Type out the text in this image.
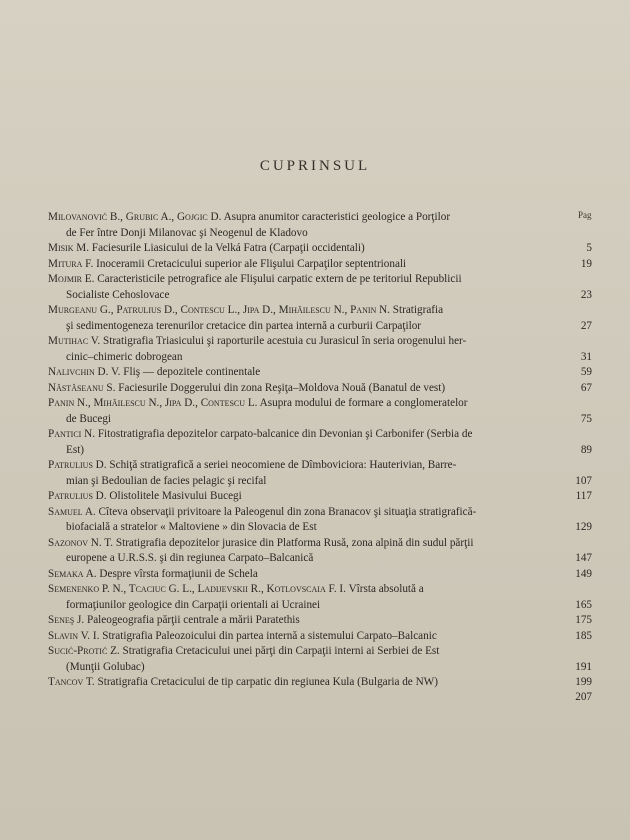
CUPRINSUL
Pag
Milovanović B., Grubic A., Gojgic D. Asupra anumitor caracteristici geologice a Porţilor
de Fer între Donji Milanovac şi Neogenul de Kladovo
Misik M. Faciesurile Liasicului de la Velká Fatra (Carpaţii occidentali)	5
Mitura F. Inoceramii Cretacicului superior ale Flişului Carpaţilor septentrionali	19
Mojmir E. Caracteristicile petrografice ale Flişului carpatic extern de pe teritoriul Republicii
Socialiste Cehoslovace	23
Murgeanu G., Patrulius D., Contescu L., Jipa D., Mihăilescu N., Panin N. Stratigrafia
şi sedimentogeneza terenurilor cretacice din partea internă a curburii Carpaţilor	27
Mutihac V. Stratigrafia Triasicului şi raporturile acestuia cu Jurasicul în seria orogenului her-
cinic–chimeric dobrogean	31
Nalivchin D. V. Fliş — depozitele continentale	59
Năstăseanu S. Faciesurile Doggerului din zona Reşiţa–Moldova Nouă (Banatul de vest)	67
Panin N., Mihăilescu N., Jipa D., Contescu L. Asupra modului de formare a conglomeratelor
de Bucegi	75
Pantici N. Fitostratigrafia depozitelor carpato-balcanice din Devonian şi Carbonifer (Serbia de
Est)	89
Patrulius D. Schiţă stratigrafică a seriei neocomiene de Dîmboviciora: Hauterivian, Barre-
mian şi Bedoulian de facies pelagic şi recifal	107
Patrulius D. Olistolitele Masivului Bucegi	117
Samuel A. Cîteva observaţii privitoare la Paleogenul din zona Branacov şi situaţia stratigrafică-
biofacială a stratelor « Maltoviene » din Slovacia de Est	129
Sazonov N. T. Stratigrafia depozitelor jurasice din Platforma Rusă, zona alpină din sudul părţii
europene a U.R.S.S. şi din regiunea Carpato–Balcanică	147
Semaka A. Despre vîrsta formaţiunii de Schela	149
Semenenko P. N., Tcaciuc G. L., Ladijevskii R., Kotlovscaia F. I. Vîrsta absolută a
formaţiunilor geologice din Carpaţii orientali ai Ucrainei	165
Seneş J. Paleogeografia părţii centrale a mării Paratethis	175
Slavin V. I. Stratigrafia Paleozoicului din partea internă a sistemului Carpato–Balcanic	185
Sucić-Protić Z. Stratigrafia Cretacicului unei părţi din Carpaţii interni ai Serbiei de Est
(Munţii Golubac)	191
Tancov T. Stratigrafia Cretacicului de tip carpatic din regiunea Kula (Bulgaria de NW)	199
207
